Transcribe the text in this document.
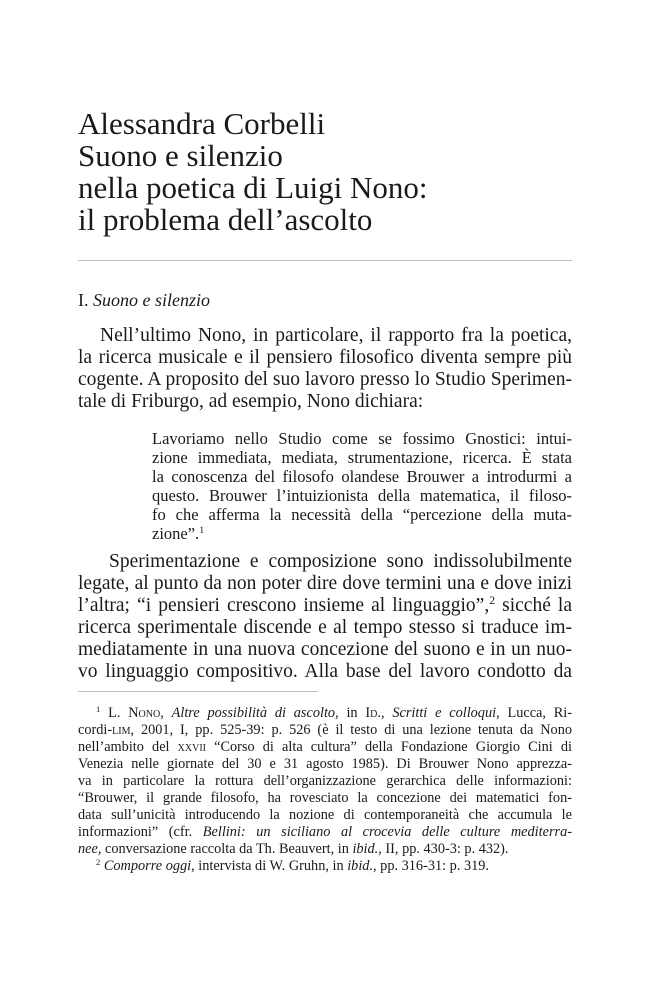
Alessandra Corbelli
Suono e silenzio
nella poetica di Luigi Nono:
il problema dell’ascolto
I. Suono e silenzio
Nell’ultimo Nono, in particolare, il rapporto fra la poetica,
la ricerca musicale e il pensiero filosofico diventa sempre più
cogente. A proposito del suo lavoro presso lo Studio Sperimen-
tale di Friburgo, ad esempio, Nono dichiara:
Lavoriamo nello Studio come se fossimo Gnostici: intui-
zione immediata, mediata, strumentazione, ricerca. È stata
la conoscenza del filosofo olandese Brouwer a introdurmi a
questo. Brouwer l’intuizionista della matematica, il filoso-
fo che afferma la necessità della “percezione della muta-
zione”.$^1$
Sperimentazione e composizione sono indissolubilmente
legate, al punto da non poter dire dove termini una e dove inizi
l’altra; “i pensieri crescono insieme al linguaggio”,$^2$ sicché la
ricerca sperimentale discende e al tempo stesso si traduce im-
mediatamente in una nuova concezione del suono e in un nuo-
vo linguaggio compositivo. Alla base del lavoro condotto da
$^1$ L. Nono, Altre possibilità di ascolto, in Id., Scritti e colloqui, Lucca, Ri-
cordi-lim, 2001, I, pp. 525-39: p. 526 (è il testo di una lezione tenuta da Nono
nell’ambito del xxvii “Corso di alta cultura” della Fondazione Giorgio Cini di
Venezia nelle giornate del 30 e 31 agosto 1985). Di Brouwer Nono apprezza-
va in particolare la rottura dell’organizzazione gerarchica delle informazioni:
“Brouwer, il grande filosofo, ha rovesciato la concezione dei matematici fon-
data sull’unicità introducendo la nozione di contemporaneità che accumula le
informazioni” (cfr. Bellini: un siciliano al crocevia delle culture mediterra-
nee, conversazione raccolta da Th. Beauvert, in ibid., II, pp. 430-3: p. 432).
$^2$ Comporre oggi, intervista di W. Gruhn, in ibid., pp. 316-31: p. 319.
